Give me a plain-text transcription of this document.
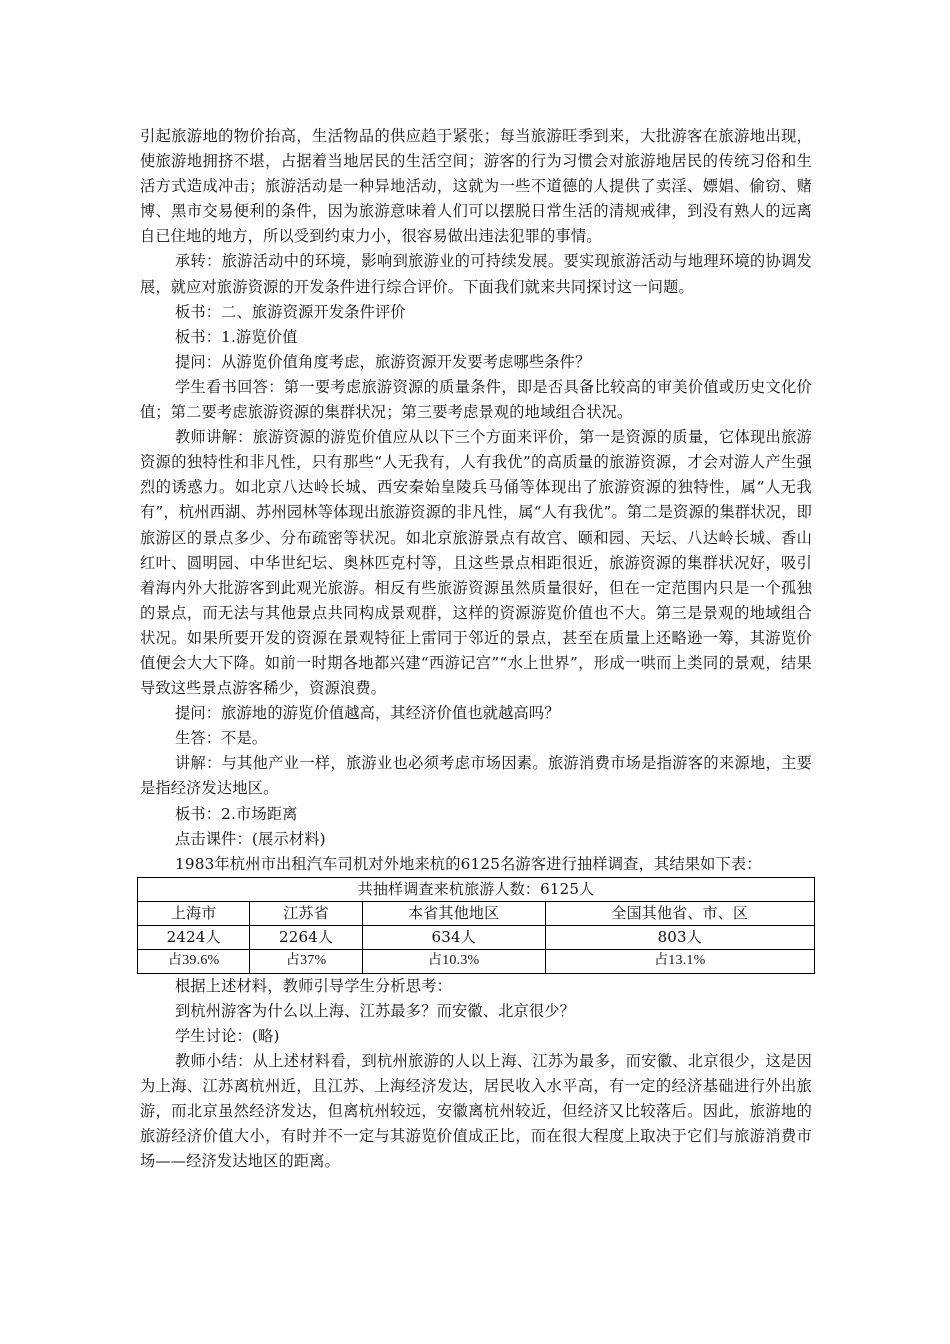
引起旅游地的物价抬高，生活物品的供应趋于紧张；每当旅游旺季到来，大批游客在旅游地出现，使旅游地拥挤不堪，占据着当地居民的生活空间；游客的行为习惯会对旅游地居民的传统习俗和生活方式造成冲击；旅游活动是一种异地活动，这就为一些不道德的人提供了卖淫、嫖娼、偷窃、赌博、黑市交易便利的条件，因为旅游意味着人们可以摆脱日常生活的清规戒律，到没有熟人的远离自已住地的地方，所以受到约束力小，很容易做出违法犯罪的事情。

承转：旅游活动中的环境，影响到旅游业的可持续发展。要实现旅游活动与地理环境的协调发展，就应对旅游资源的开发条件进行综合评价。下面我们就来共同探讨这一问题。

板书：二、旅游资源开发条件评价

板书：1.游览价值

提问：从游览价值角度考虑，旅游资源开发要考虑哪些条件？

学生看书回答：第一要考虑旅游资源的质量条件，即是否具备比较高的审美价值或历史文化价值；第二要考虑旅游资源的集群状况；第三要考虑景观的地域组合状况。

教师讲解：旅游资源的游览价值应从以下三个方面来评价，第一是资源的质量，它体现出旅游资源的独特性和非凡性，只有那些“人无我有，人有我优”的高质量的旅游资源，才会对游人产生强烈的诱惑力。如北京八达岭长城、西安秦始皇陵兵马俑等体现出了旅游资源的独特性，属“人无我有”，杭州西湖、苏州园林等体现出旅游资源的非凡性，属“人有我优”。第二是资源的集群状况，即旅游区的景点多少、分布疏密等状况。如北京旅游景点有故宫、颐和园、天坛、八达岭长城、香山红叶、圆明园、中华世纪坛、奥林匹克村等，且这些景点相距很近，旅游资源的集群状况好，吸引着海内外大批游客到此观光旅游。相反有些旅游资源虽然质量很好，但在一定范围内只是一个孤独的景点，而无法与其他景点共同构成景观群，这样的资源游览价值也不大。第三是景观的地域组合状况。如果所要开发的资源在景观特征上雷同于邻近的景点，甚至在质量上还略逊一筹，其游览价值便会大大下降。如前一时期各地都兴建“西游记宫”“水上世界”，形成一哄而上类同的景观，结果导致这些景点游客稀少，资源浪费。

提问：旅游地的游览价值越高，其经济价值也就越高吗？

生答：不是。

讲解：与其他产业一样，旅游业也必须考虑市场因素。旅游消费市场是指游客的来源地，主要是指经济发达地区。

板书：2.市场距离

点击课件：(展示材料)

1983年杭州市出租汽车司机对外地来杭的6125名游客进行抽样调查，其结果如下表：

共抽样调查来杭旅游人数：6125人			
上海市	江苏省	本省其他地区	全国其他省、市、区
2424人	2264人	634人	803人
占39.6%	占37%	占10.3%	占13.1%

根据上述材料，教师引导学生分析思考：

到杭州游客为什么以上海、江苏最多？而安徽、北京很少？

学生讨论：(略)

教师小结：从上述材料看，到杭州旅游的人以上海、江苏为最多，而安徽、北京很少，这是因为上海、江苏离杭州近，且江苏、上海经济发达，居民收入水平高，有一定的经济基础进行外出旅游，而北京虽然经济发达，但离杭州较远，安徽离杭州较近，但经济又比较落后。因此，旅游地的旅游经济价值大小，有时并不一定与其游览价值成正比，而在很大程度上取决于它们与旅游消费市场——经济发达地区的距离。
